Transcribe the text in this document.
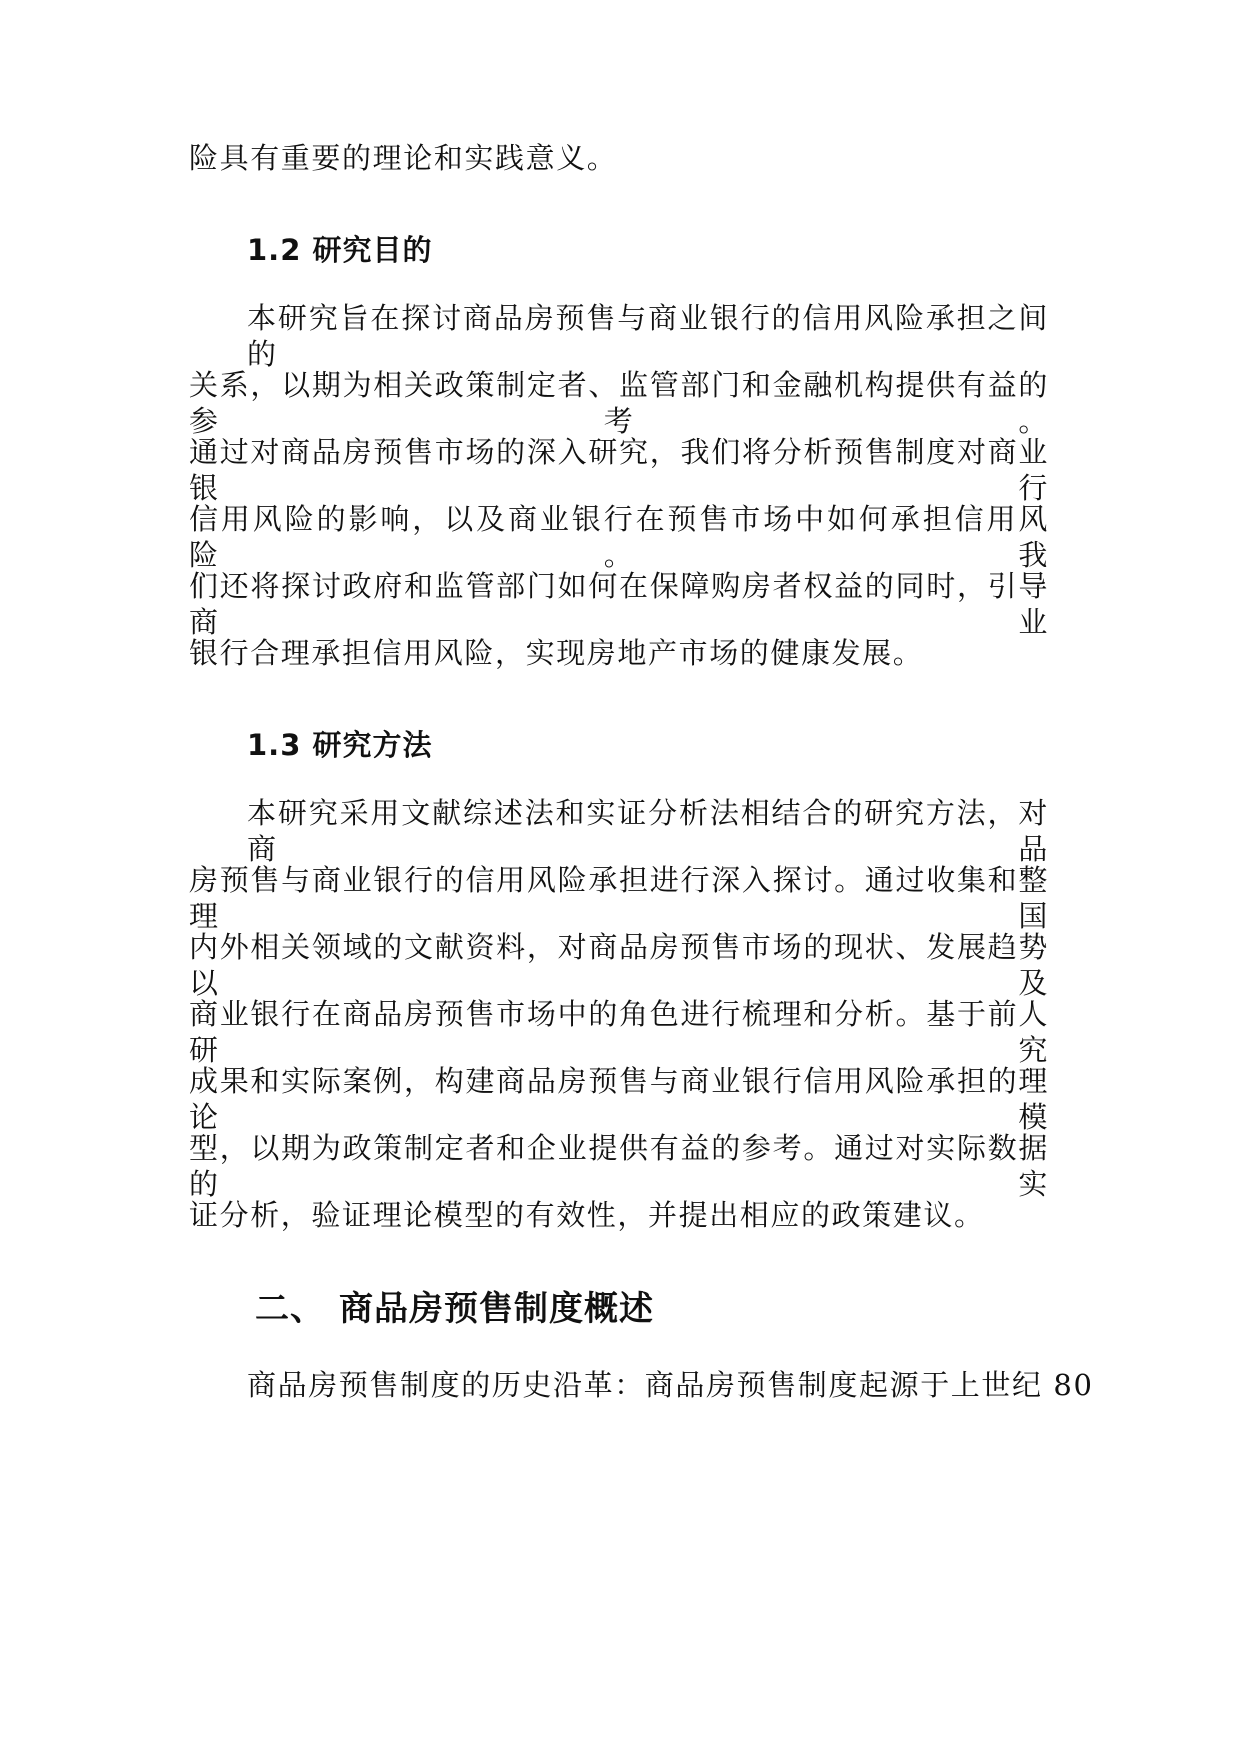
险具有重要的理论和实践意义。
1.2 研究目的
本研究旨在探讨商品房预售与商业银行的信用风险承担之间的
关系，以期为相关政策制定者、监管部门和金融机构提供有益的参考。
通过对商品房预售市场的深入研究，我们将分析预售制度对商业银行
信用风险的影响，以及商业银行在预售市场中如何承担信用风险。我
们还将探讨政府和监管部门如何在保障购房者权益的同时，引导商业
银行合理承担信用风险，实现房地产市场的健康发展。
1.3 研究方法
本研究采用文献综述法和实证分析法相结合的研究方法，对商品
房预售与商业银行的信用风险承担进行深入探讨。通过收集和整理国
内外相关领域的文献资料，对商品房预售市场的现状、发展趋势以及
商业银行在商品房预售市场中的角色进行梳理和分析。基于前人研究
成果和实际案例，构建商品房预售与商业银行信用风险承担的理论模
型，以期为政策制定者和企业提供有益的参考。通过对实际数据的实
证分析，验证理论模型的有效性，并提出相应的政策建议。
二、 商品房预售制度概述
商品房预售制度的历史沿革：商品房预售制度起源于上世纪 80
